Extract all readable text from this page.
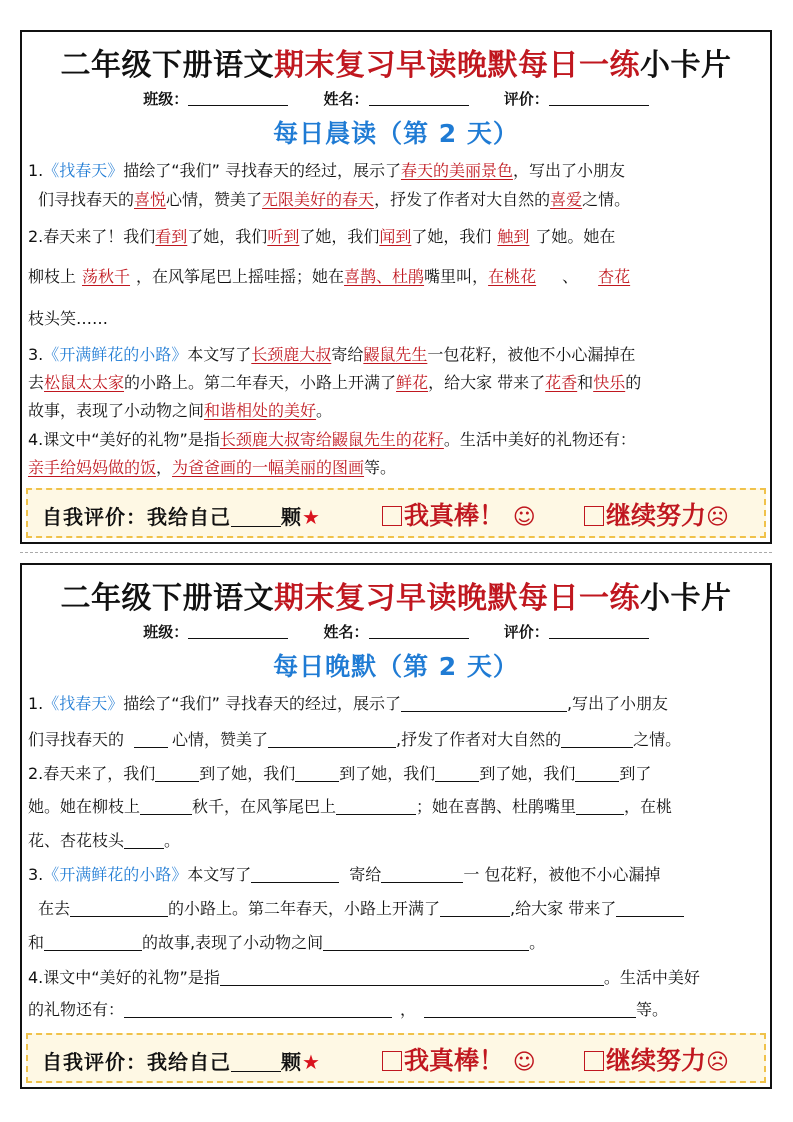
二年级下册语文期末复习早读晚默每日一练小卡片
班级：	姓名：	评价：
每日晨读（第 2 天）
1.《找春天》描绘了“我们” 寻找春天的经过，展示了春天的美丽景色，写出了小朋友
们寻找春天的喜悦心情，赞美了无限美好的春天，抒发了作者对大自然的喜爱之情。
2.春天来了！我们看到了她，我们听到了她，我们闻到了她，我们 触到 了她。她在
柳枝上 荡秋千 ，在风筝尾巴上摇哇摇；她在喜鹊、杜鹃嘴里叫，在桃花 、 杏花
枝头笑……
3.《开满鲜花的小路》本文写了长颈鹿大叔寄给鼹鼠先生一包花籽，被他不小心漏掉在
去松鼠太太家的小路上。第二年春天，小路上开满了鲜花，给大家 带来了花香和快乐的
故事，表现了小动物之间和谐相处的美好。
4.课文中“美好的礼物”是指长颈鹿大叔寄给鼹鼠先生的花籽。生活中美好的礼物还有：
亲手给妈妈做的饭，为爸爸画的一幅美丽的图画等。
自我评价：我给自己	颗★	我真棒！ ☺	继续努力☹
二年级下册语文期末复习早读晚默每日一练小卡片
班级：	姓名：	评价：
每日晚默（第 2 天）
1.《找春天》描绘了“我们” 寻找春天的经过，展示了	,写出了小朋友
们寻找春天的	心情，赞美了	,抒发了作者对大自然的	之情。
2.春天来了，我们	到了她，我们	到了她，我们	到了她，我们	到了
她。她在柳枝上	秋千，在风筝尾巴上	；她在喜鹊、杜鹃嘴里	，在桃
花、杏花枝头	。
3.《开满鲜花的小路》本文写了	寄给	一 包花籽，被他不小心漏掉
在去	的小路上。第二年春天，小路上开满了	,给大家 带来了
和	的故事,表现了小动物之间	。
4.课文中“美好的礼物”是指	。生活中美好
的礼物还有：	，	等。
自我评价：我给自己	颗★	我真棒！ ☺	继续努力☹
